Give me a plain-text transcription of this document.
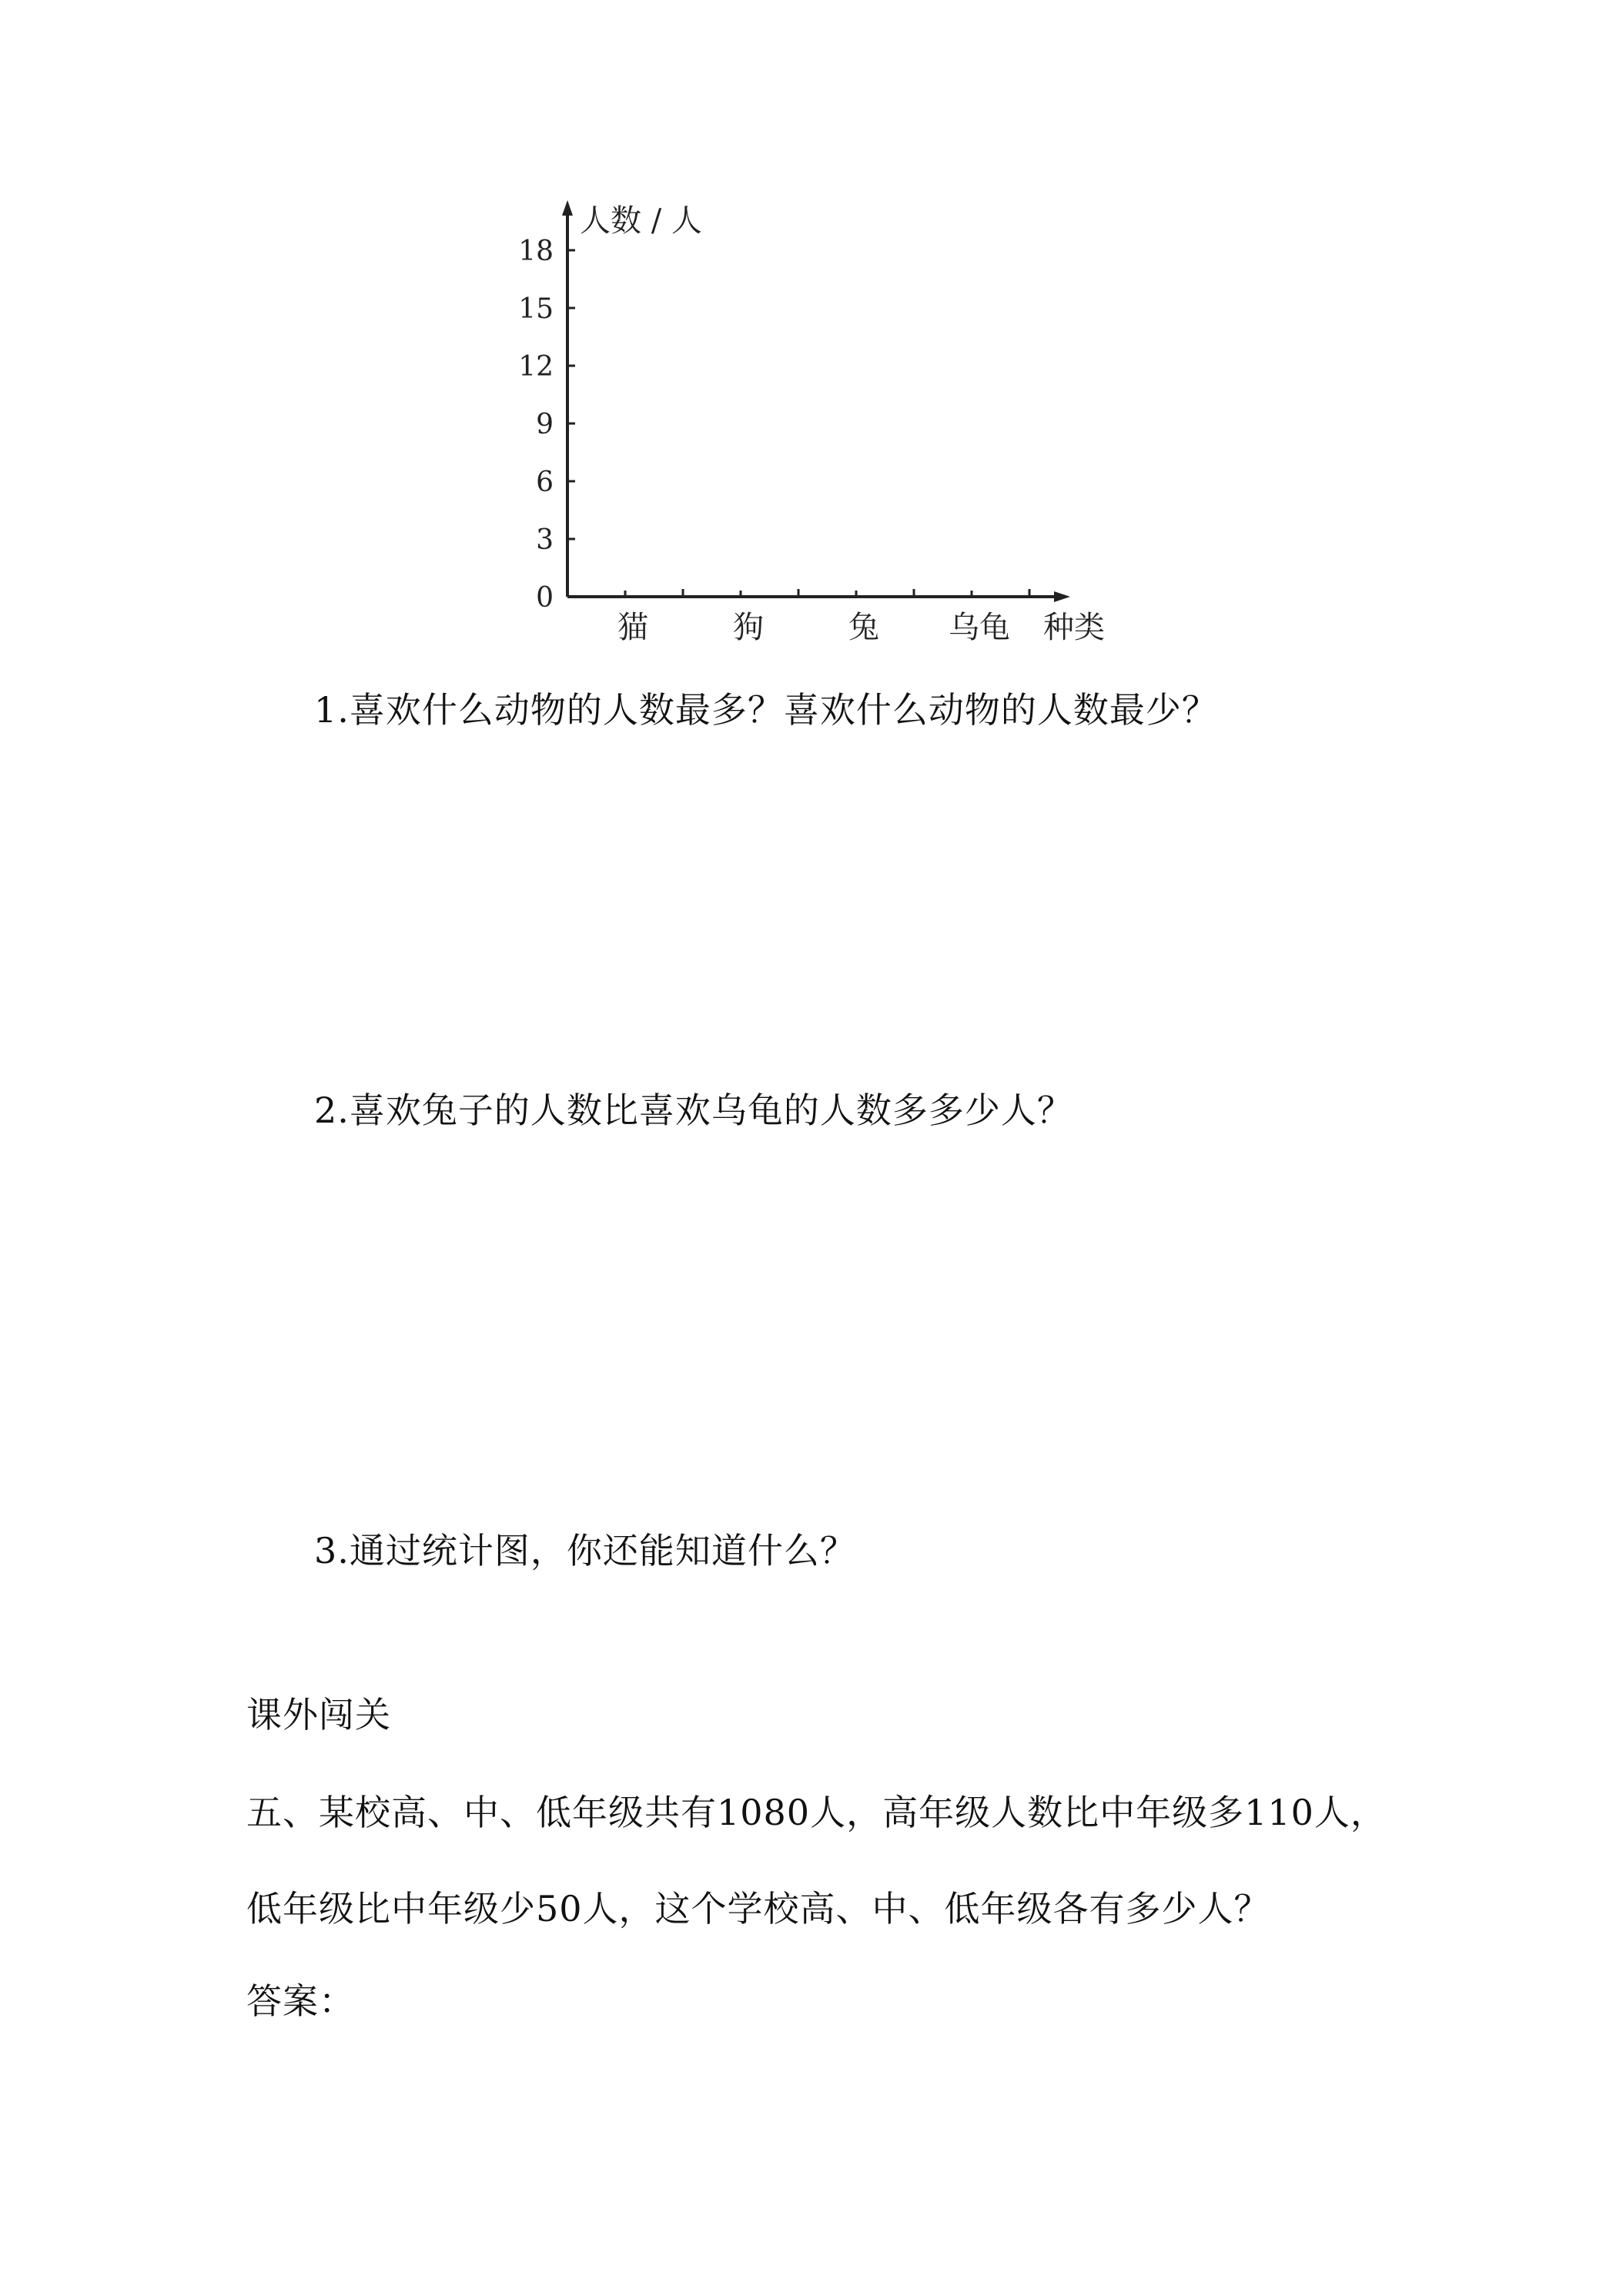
人数 / 人
0
3
6
9
12
15
18
猫	狗	兔 乌龟 种类
1.喜欢什么动物的人数最多？喜欢什么动物的人数最少？
2.喜欢兔子的人数比喜欢乌龟的人数多多少人？
3.通过统计图，你还能知道什么？
课外闯关
五、某校高、中、低年级共有1080人，高年级人数比中年级多110人，
低年级比中年级少50人，这个学校高、中、低年级各有多少人？
答案：
